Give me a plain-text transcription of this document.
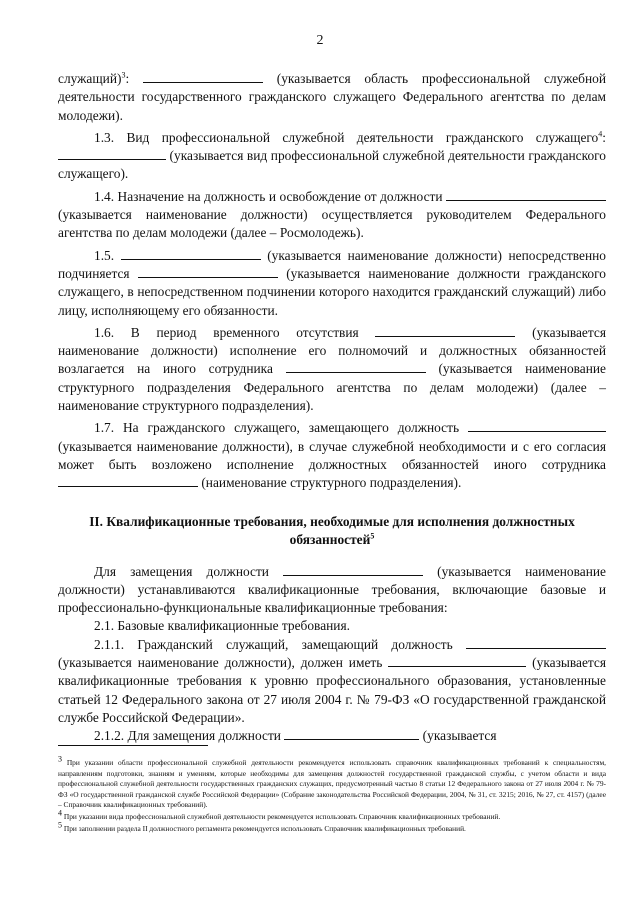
2

служащий)$^3$:	(указывается область профессиональной служебной деятельности государственного гражданского служащего Федерального агентства по делам молодежи).

1.3. Вид профессиональной служебной деятельности гражданского служащего$^4$:  (указывается вид профессиональной служебной деятельности гражданского служащего).

1.4. Назначение на должность и освобождение от должности  (указывается наименование должности) осуществляется руководителем Федерального агентства по делам молодежи (далее – Росмолодежь).

1.5.	(указывается наименование должности) непосредственно подчиняется	(указывается наименование должности гражданского служащего, в непосредственном подчинении которого находится гражданский служащий) либо лицу, исполняющему его обязанности.

1.6. В период временного отсутствия	(указывается наименование должности) исполнение его полномочий и должностных обязанностей возлагается на иного сотрудника	(указывается наименование структурного подразделения Федерального агентства по делам молодежи) (далее – наименование структурного подразделения).

1.7. На гражданского служащего, замещающего должность  (указывается наименование должности), в случае служебной необходимости и с его согласия может быть возложено исполнение должностных обязанностей иного сотрудника  (наименование структурного подразделения).

II. Квалификационные требования, необходимые для исполнения должностных обязанностей$^5$

Для замещения должности	(указывается наименование должности) устанавливаются квалификационные требования, включающие базовые и профессионально-функциональные квалификационные требования:

2.1. Базовые квалификационные требования.

2.1.1. Гражданский служащий, замещающий должность  (указывается наименование должности), должен иметь	(указывается квалификационные требования к уровню профессионального образования, установленные статьей 12 Федерального закона от 27 июля 2004 г. № 79-ФЗ «О государственной гражданской службе Российской Федерации».

2.1.2. Для замещения должности	(указывается

$^3$ При указании области профессиональной служебной деятельности рекомендуется использовать справочник квалификационных требований к специальностям, направлениям подготовки, знаниям и умениям, которые необходимы для замещения должностей государственной гражданской службы, с учетом области и вида профессиональной служебной деятельности государственных гражданских служащих, предусмотренный частью 8 статьи 12 Федерального закона от 27 июля 2004 г. № 79-ФЗ «О государственной гражданской службе Российской Федерации» (Собрание законодательства Российской Федерации, 2004, № 31, ст. 3215; 2016, № 27, ст. 4157) (далее – Справочник квалификационных требований).

$^4$ При указании вида профессиональной служебной деятельности рекомендуется использовать Справочник квалификационных требований.

$^5$ При заполнении раздела II должностного регламента рекомендуется использовать Справочник квалификационных требований.
